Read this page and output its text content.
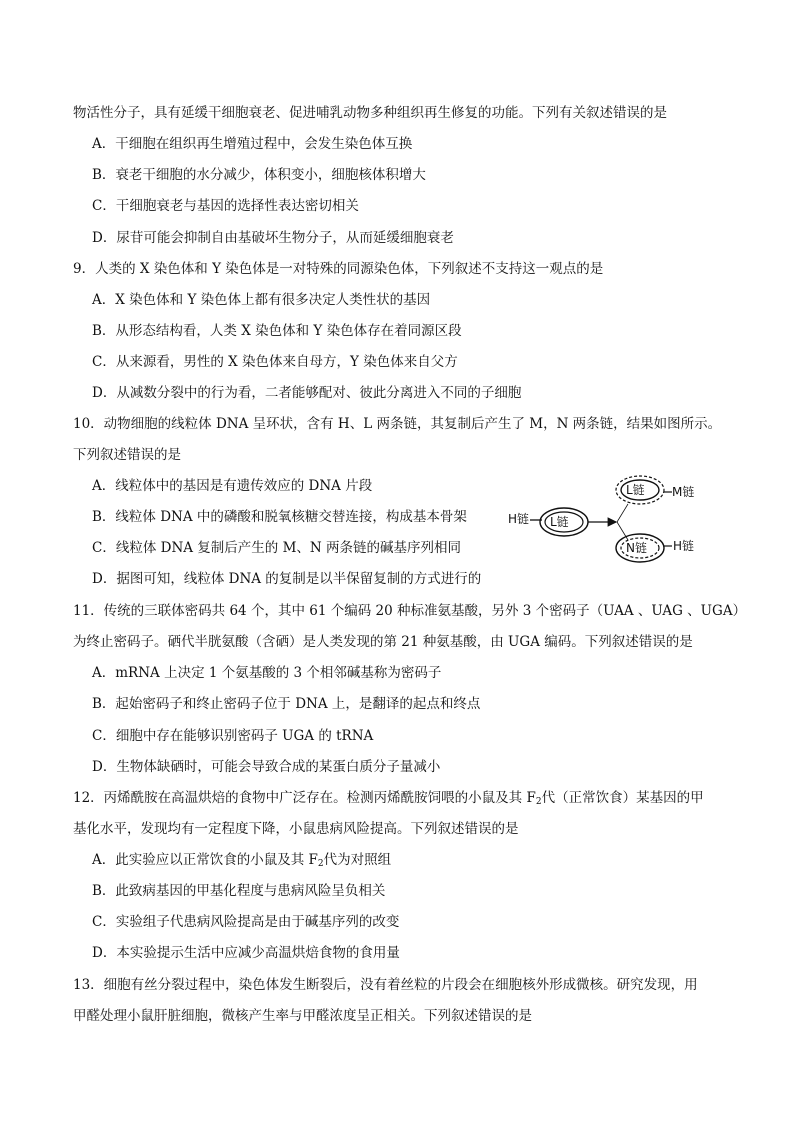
物活性分子，具有延缓干细胞衰老、促进哺乳动物多种组织再生修复的功能。下列有关叙述错误的是
A．干细胞在组织再生增殖过程中，会发生染色体互换
B．衰老干细胞的水分减少，体积变小，细胞核体积增大
C．干细胞衰老与基因的选择性表达密切相关
D．尿苷可能会抑制自由基破坏生物分子，从而延缓细胞衰老
9．人类的 X 染色体和 Y 染色体是一对特殊的同源染色体，下列叙述不支持这一观点的是
A．X 染色体和 Y 染色体上都有很多决定人类性状的基因
B．从形态结构看，人类 X 染色体和 Y 染色体存在着同源区段
C．从来源看，男性的 X 染色体来自母方，Y 染色体来自父方
D．从减数分裂中的行为看，二者能够配对、彼此分离进入不同的子细胞
10．动物细胞的线粒体 DNA 呈环状，含有 H、L 两条链，其复制后产生了 M，N 两条链，结果如图所示。
下列叙述错误的是
A．线粒体中的基因是有遗传效应的 DNA 片段
B．线粒体 DNA 中的磷酸和脱氧核糖交替连接，构成基本骨架
C．线粒体 DNA 复制后产生的 M、N 两条链的碱基序列相同
D．据图可知，线粒体 DNA 的复制是以半保留复制的方式进行的
H链 L链
L链 M链
N链 H链
11．传统的三联体密码共 64 个，其中 61 个编码 20 种标准氨基酸，另外 3 个密码子（UAA 、UAG 、UGA）
为终止密码子。硒代半胱氨酸（含硒）是人类发现的第 21 种氨基酸，由 UGA 编码。下列叙述错误的是
A．mRNA 上决定 1 个氨基酸的 3 个相邻碱基称为密码子
B．起始密码子和终止密码子位于 DNA 上，是翻译的起点和终点
C．细胞中存在能够识别密码子 UGA 的 tRNA
D．生物体缺硒时，可能会导致合成的某蛋白质分子量减小
12．丙烯酰胺在高温烘焙的食物中广泛存在。检测丙烯酰胺饲喂的小鼠及其 $F_2$代（正常饮食）某基因的甲
基化水平，发现均有一定程度下降，小鼠患病风险提高。下列叙述错误的是
A．此实验应以正常饮食的小鼠及其 $F_2$代为对照组
B．此致病基因的甲基化程度与患病风险呈负相关
C．实验组子代患病风险提高是由于碱基序列的改变
D．本实验提示生活中应减少高温烘焙食物的食用量
13．细胞有丝分裂过程中，染色体发生断裂后，没有着丝粒的片段会在细胞核外形成微核。研究发现，用
甲醛处理小鼠肝脏细胞，微核产生率与甲醛浓度呈正相关。下列叙述错误的是
